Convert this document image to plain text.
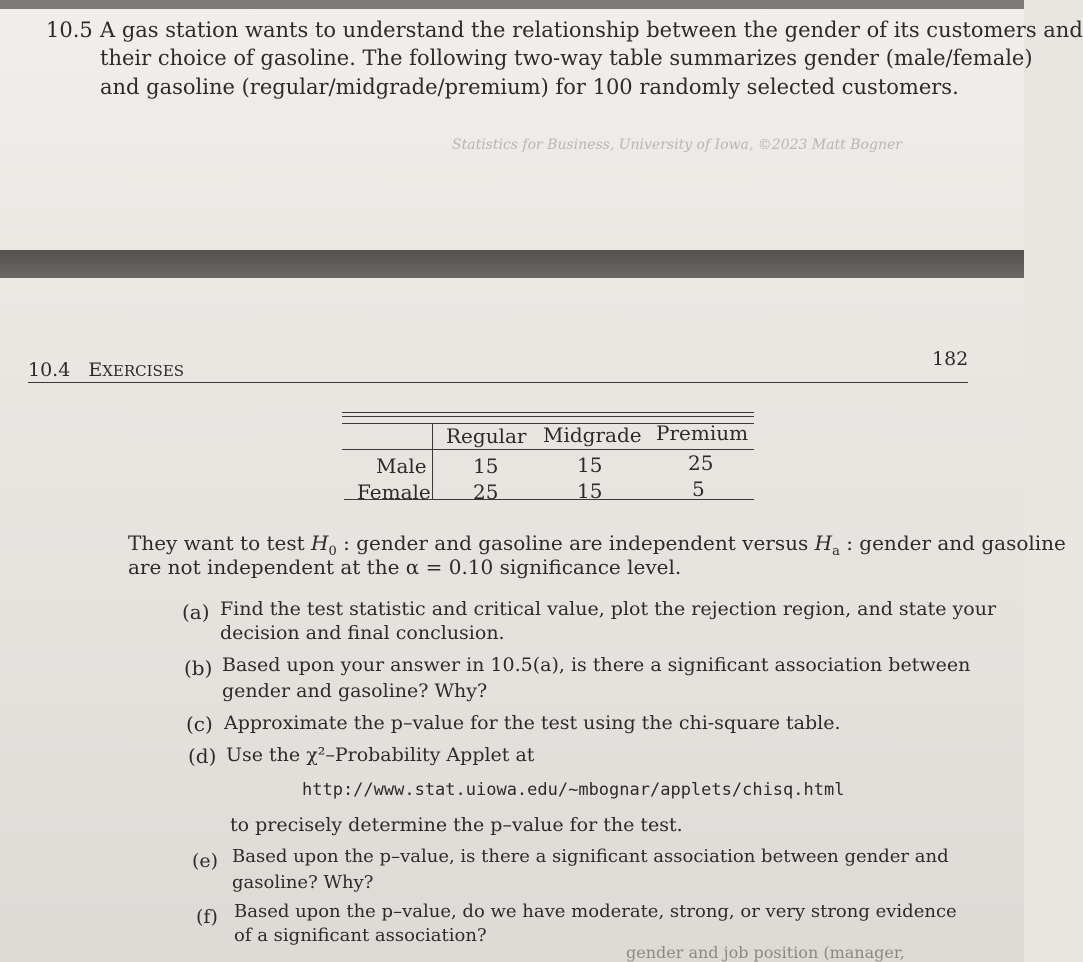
10.5 A gas station wants to understand the relationship between the gender of its customers and
their choice of gasoline. The following two-way table summarizes gender (male/female)
and gasoline (regular/midgrade/premium) for 100 randomly selected customers.
Statistics for Business, University of Iowa, ©2023 Matt Bogner
10.4 EXERCISES
182
Regular Midgrade Premium
Male 15	15	25
Female 25	15	5
They want to test $H_0$ : gender and gasoline are independent versus $H_a$ : gender and gasoline
are not independent at the α = 0.10 significance level.
(a) Find the test statistic and critical value, plot the rejection region, and state your
decision and final conclusion.
(b) Based upon your answer in 10.5(a), is there a significant association between
gender and gasoline? Why?
(c) Approximate the p–value for the test using the chi-square table.
(d) Use the χ²–Probability Applet at
http://www.stat.uiowa.edu/~mbognar/applets/chisq.html
to precisely determine the p–value for the test.
(e) Based upon the p–value, is there a significant association between gender and
gasoline? Why?
(f) Based upon the p–value, do we have moderate, strong, or very strong evidence
of a significant association?
gender and job position (manager,
